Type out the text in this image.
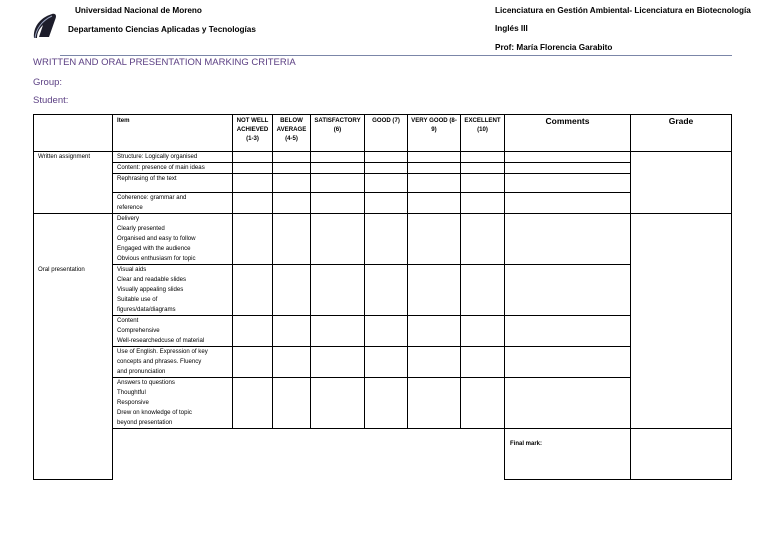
Universidad Nacional de Moreno
Departamento Ciencias Aplicadas y Tecnologías
Licenciatura en Gestión Ambiental- Licenciatura en Biotecnología
Inglés III
Prof: María Florencia Garabito
WRITTEN AND ORAL PRESENTATION MARKING CRITERIA
Group:
Student:
	Item	NOT WELL ACHIEVED (1-3)	BELOW AVERAGE (4-5)	SATISFACTORY (6)	GOOD (7)	VERY GOOD (8-9)	EXCELLENT (10)	Comments	Grade
Written assignment	Structure: Logically organised								

	Content: presence of main ideas								

	Rephrasing of the text								

	Coherence: grammar and
reference								

Oral presentation	Delivery
Clearly presented
Organised and easy to follow
Engaged with the audience
Obvious enthusiasm for topic								

	Visual aids
Clear and readable slides
Visually appealing slides
Suitable use of
figures/data/diagrams								

	Content
Comprehensive
Well-researchedcuse of material								

	Use of English. Expression of key
concepts and phrases. Fluency
and pronunciation								

	Answers to questions
Thoughtful
Responsive
Drew on knowledge of topic
beyond presentation								

								Final mark:	
